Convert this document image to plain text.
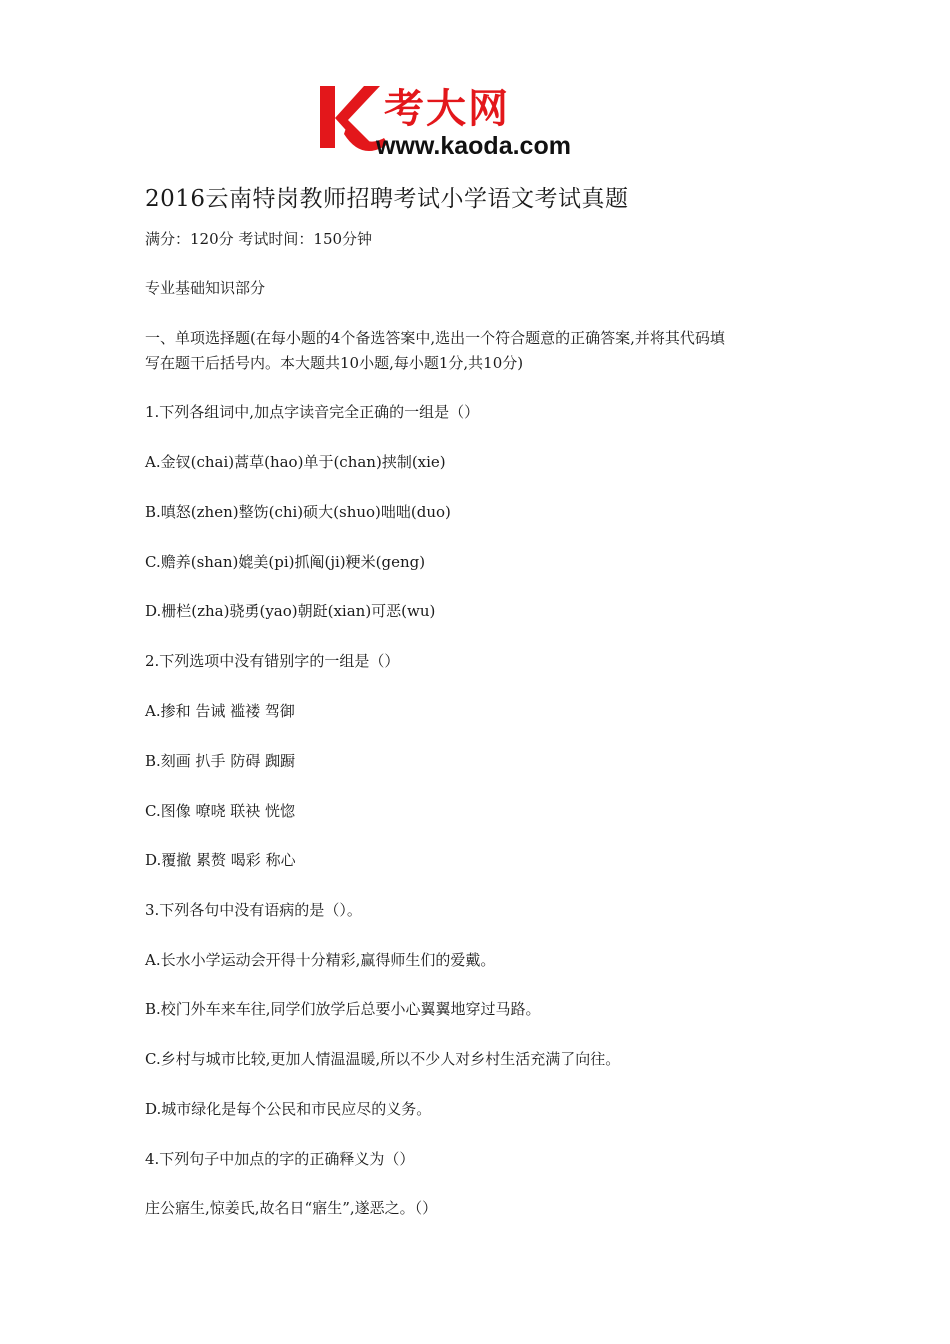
考大网
www.kaoda.com
2016云南特岗教师招聘考试小学语文考试真题
满分：120分 考试时间：150分钟
专业基础知识部分
一、单项选择题(在每小题的4个备选答案中,选出一个符合题意的正确答案,并将其代码填
写在题干后括号内。本大题共10小题,每小题1分,共10分)
1.下列各组词中,加点字读音完全正确的一组是（）
A.金钗(chai)蒿草(hao)单于(chan)挟制(xie)
B.嗔怒(zhen)整饬(chi)硕大(shuo)咄咄(duo)
C.赡养(shan)媲美(pi)抓阄(ji)粳米(geng)
D.栅栏(zha)骁勇(yao)朝跹(xian)可恶(wu)
2.下列选项中没有错别字的一组是（）
A.掺和 告诫 褴褛 驾御
B.刻画 扒手 防碍 踟蹰
C.图像 嘹哓 联袂 恍惚
D.覆撤 累赘 喝彩 称心
3.下列各句中没有语病的是（）。
A.长水小学运动会开得十分精彩,赢得师生们的爱戴。
B.校门外车来车往,同学们放学后总要小心翼翼地穿过马路。
C.乡村与城市比较,更加人情温温暖,所以不少人对乡村生活充满了向往。
D.城市绿化是每个公民和市民应尽的义务。
4.下列句子中加点的字的正确释义为（）
庄公寤生,惊姜氏,故名日“寤生”,遂恶之。（）
